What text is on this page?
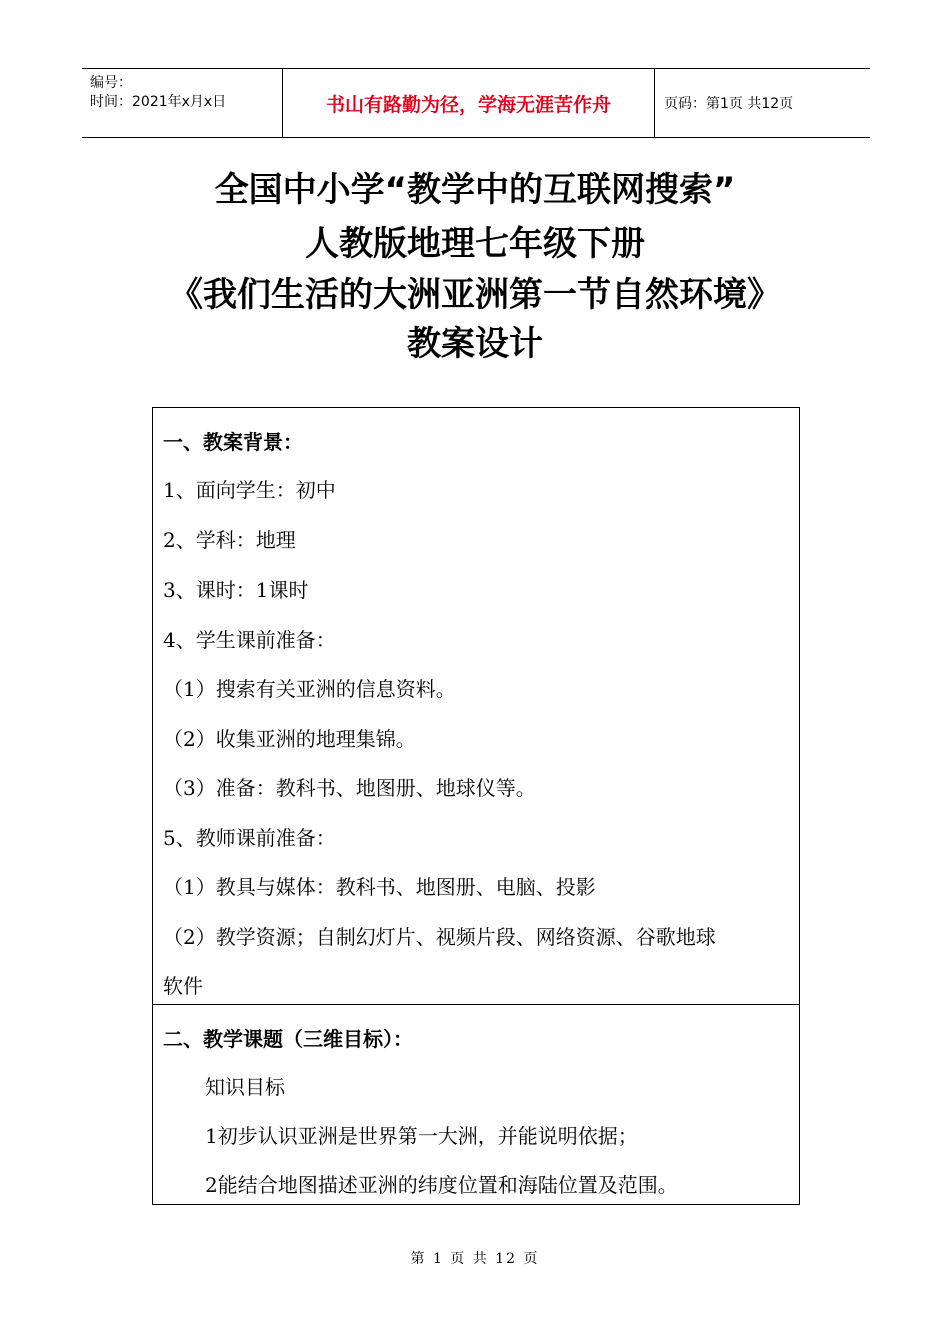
编号：
时间：2021年x月x日	书山有路勤为径，学海无涯苦作舟	页码：第1页 共12页
全国中小学“教学中的互联网搜索”
人教版地理七年级下册
《我们生活的大洲亚洲第一节自然环境》
教案设计
一、教案背景：
1、面向学生：初中
2、学科：地理
3、课时：1课时
4、学生课前准备：
（1）搜索有关亚洲的信息资料。
（2）收集亚洲的地理集锦。
（3）准备：教科书、地图册、地球仪等。
5、教师课前准备：
（1）教具与媒体：教科书、地图册、电脑、投影
（2）教学资源；自制幻灯片、视频片段、网络资源、谷歌地球
软件
二、教学课题（三维目标）：
知识目标
1初步认识亚洲是世界第一大洲，并能说明依据；
2能结合地图描述亚洲的纬度位置和海陆位置及范围。
第 1 页 共 12 页
